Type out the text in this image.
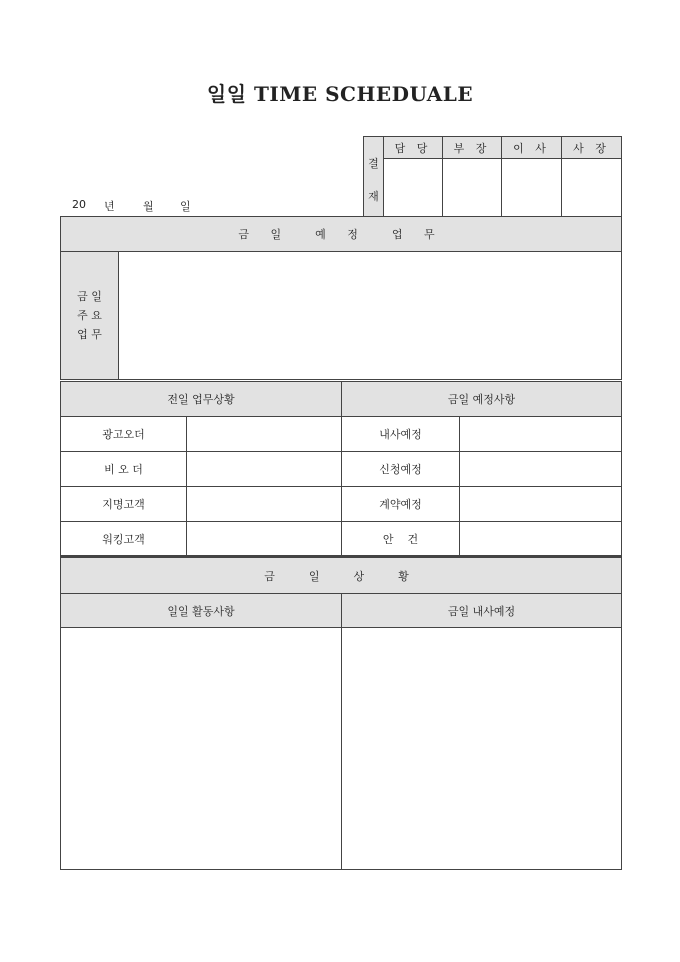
일일 TIME SCHEDUALE
20 년	월 일
결
재	담 당	부 장	이 사	사 장

금 일  예 정  업 무

금 일
주 요
업 무

전일 업무상황		금일 예정사항	
광고오더		내사예정	
비 오 더		신청예정	
지명고객		계약예정	
워킹고객		안    건	
금  일  상  황	
일일 활동사항	금일 내사예정
